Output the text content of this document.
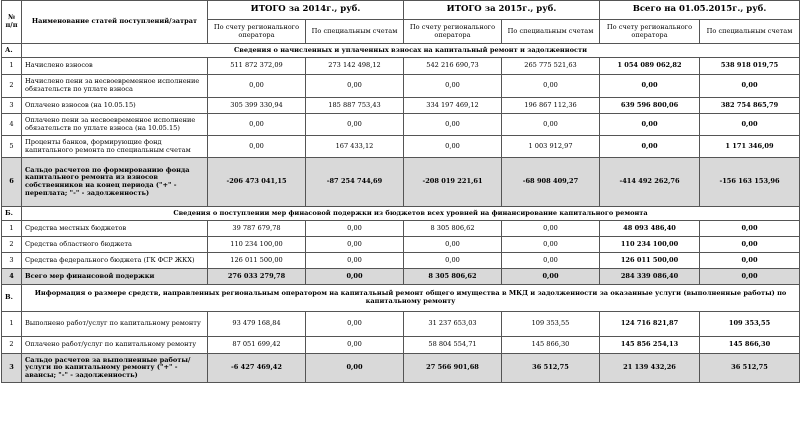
№ п/п	Наименование статей поступлений/затрат	ИТОГО за 2014г., руб.		ИТОГО за 2015г., руб.		Всего на 01.05.2015г., руб.	
		По счету регионального оператора	По специальным счетам	По счету регионального оператора	По специальным счетам	По счету регионального оператора	По специальным счетам
А.	Сведения о начисленных и уплаченных взносах на капитальный ремонт и задолженности						
1	Начислено взносов	511 872 372,09	273 142 498,12	542 216 690,73	265 775 521,63	1 054 089 062,82	538 918 019,75
2	Начислено пени за несвоевременное исполнение обязательств по уплате взноса	0,00	0,00	0,00	0,00	0,00	0,00
3	Оплачено взносов (на 10.05.15)	305 399 330,94	185 887 753,43	334 197 469,12	196 867 112,36	639 596 800,06	382 754 865,79
4	Оплачено пени за несвоевременное исполнение обязательств по уплате взноса (на 10.05.15)	0,00	0,00	0,00	0,00	0,00	0,00
5	Проценты банков, формирующие фонд капитального ремонта по специальным счетам	0,00	167 433,12	0,00	1 003 912,97	0,00	1 171 346,09
6	Сальдо расчетов по формированию фонда капитального ремонта из взносов собственников на конец периода ("+" - переплата; "-" - задолженность)	-206 473 041,15	-87 254 744,69	-208 019 221,61	-68 908 409,27	-414 492 262,76	-156 163 153,96
Б.	Сведения о поступлении мер финасовой подержки из бюджетов всех уровней на финансирование капитального ремонта						
1	Средства местных бюджетов	39 787 679,78	0,00	8 305 806,62	0,00	48 093 486,40	0,00
2	Средства областного бюджета	110 234 100,00	0,00	0,00	0,00	110 234 100,00	0,00
3	Средства федерального бюджета (ГК ФСР ЖКХ)	126 011 500,00	0,00	0,00	0,00	126 011 500,00	0,00
4	Всего мер финансовой подержки	276 033 279,78	0,00	8 305 806,62	0,00	284 339 086,40	0,00
В.	Информация о размере средств, направленных региональным оператором на капитальный ремонт общего имущества в МКД и задолженности за оказанные услуги (выполненные работы) по капитальному ремонту						
1	Выполнено работ/услуг по капитальному ремонту	93 479 168,84	0,00	31 237 653,03	109 353,55	124 716 821,87	109 353,55
2	Оплачено работ/услуг по капитальному ремонту	87 051 699,42	0,00	58 804 554,71	145 866,30	145 856 254,13	145 866,30
3	Сальдо расчетов за выполненные работы/услуги по капитальному ремонту ("+" - авансы; "-" - задолженность)	-6 427 469,42	0,00	27 566 901,68	36 512,75	21 139 432,26	36 512,75
